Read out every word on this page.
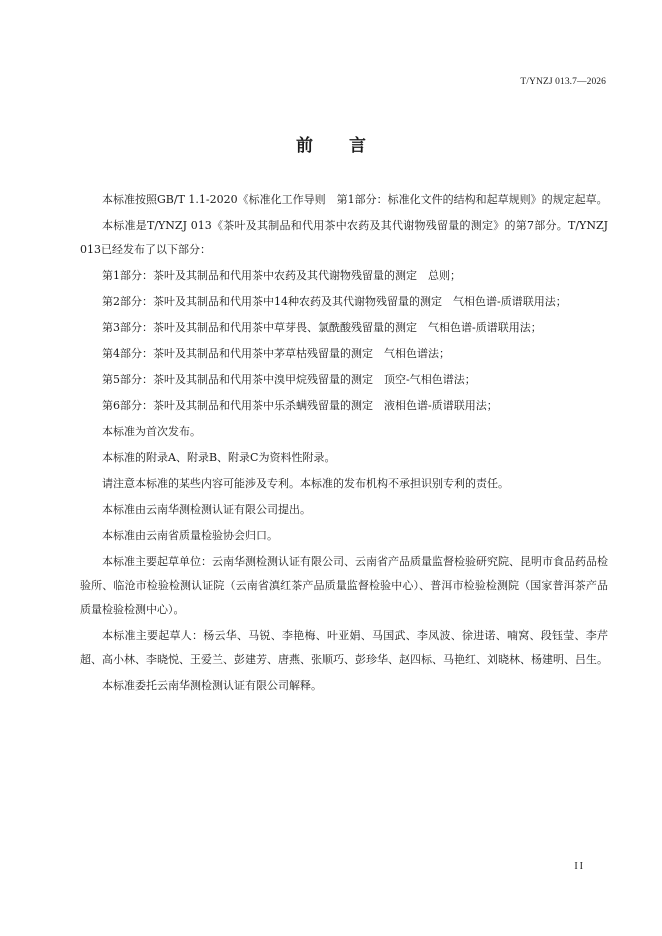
T/YNZJ 013.7—2026
前言

本标准按照GB/T 1.1-2020《标准化工作导则　第1部分：标准化文件的结构和起草规则》的规定起草。

本标准是T/YNZJ 013《茶叶及其制品和代用茶中农药及其代谢物残留量的测定》的第7部分。T/YNZJ 013已经发布了以下部分：

第1部分：茶叶及其制品和代用茶中农药及其代谢物残留量的测定　总则；

第2部分：茶叶及其制品和代用茶中14种农药及其代谢物残留量的测定　气相色谱-质谱联用法；

第3部分：茶叶及其制品和代用茶中草芽畏、氯酰酸残留量的测定　气相色谱-质谱联用法；

第4部分：茶叶及其制品和代用茶中茅草枯残留量的测定　气相色谱法；

第5部分：茶叶及其制品和代用茶中溴甲烷残留量的测定　顶空-气相色谱法；

第6部分：茶叶及其制品和代用茶中乐杀螨残留量的测定　液相色谱-质谱联用法；

本标准为首次发布。

本标准的附录A、附录B、附录C为资料性附录。

请注意本标准的某些内容可能涉及专利。本标准的发布机构不承担识别专利的责任。

本标准由云南华测检测认证有限公司提出。

本标准由云南省质量检验协会归口。

本标准主要起草单位：云南华测检测认证有限公司、云南省产品质量监督检验研究院、昆明市食品药品检验所、临沧市检验检测认证院（云南省滇红茶产品质量监督检验中心）、普洱市检验检测院（国家普洱茶产品质量检验检测中心）。

本标准主要起草人：杨云华、马锐、李艳梅、叶亚娟、马国武、李凤波、徐进诺、喃窝、段钰莹、李芹超、高小林、李晓悦、王爱兰、彭建芳、唐燕、张顺巧、彭珍华、赵四标、马艳红、刘晓林、杨建明、吕生。

本标准委托云南华测检测认证有限公司解释。

II
